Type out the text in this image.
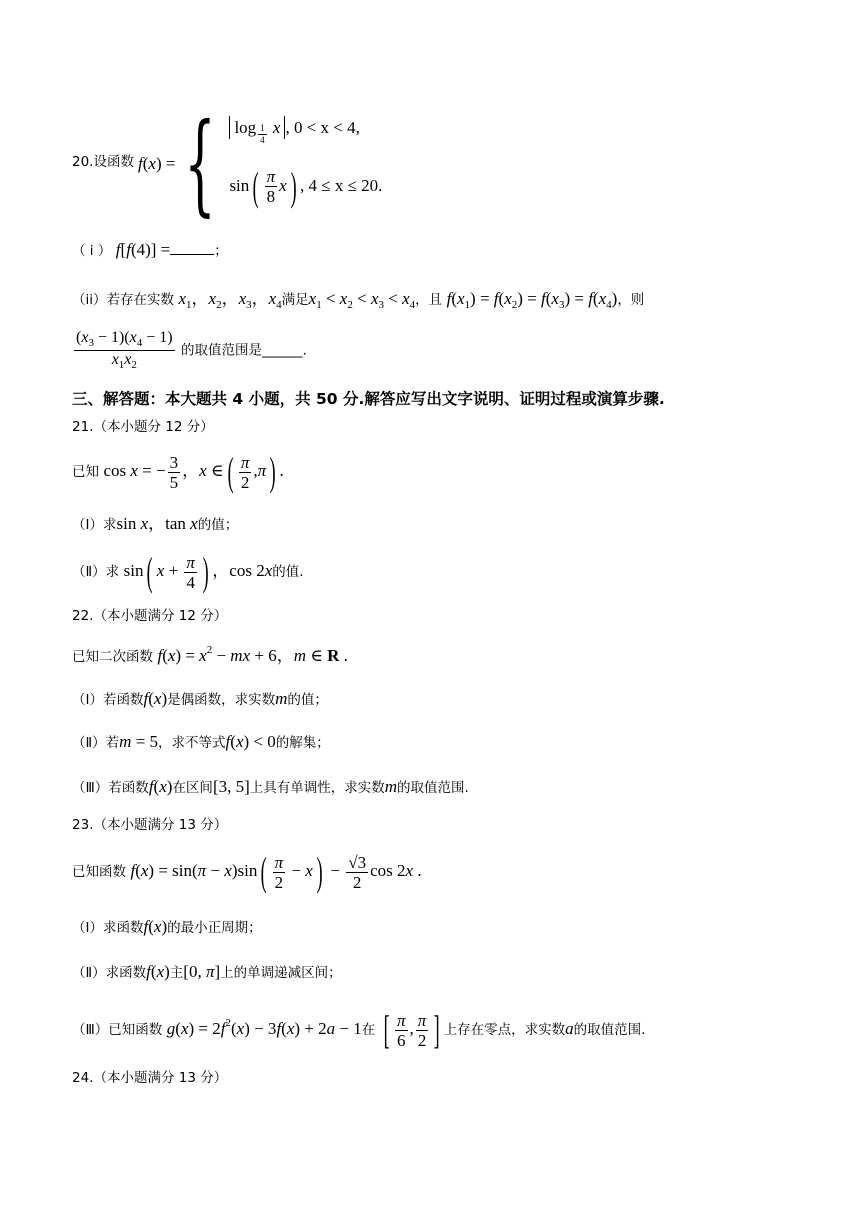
20.设函数 f(x) = { log $_{\frac{1}{4}}$ x , 0 < x < 4,
$\sin( \frac{\pi}{8} x)$ , 4 ≤ x ≤ 20.
（ i ） f[f(4)] =	；
（ii）若存在实数 $x_1$，$x_2$，$x_3$，$x_4$满足$x_1 < x_2 < x_3 < x_4$，且 $f(x_1) = f(x_2) = f(x_3) = f(x_4)$，则
$\frac{(x_3 - 1)(x_4 - 1)}{x_1x_2}$ 的取值范围是______.
三、解答题：本大题共 4 小题，共 50 分.解答应写出文字说明、证明过程或演算步骤.
21.（本小题分 12 分）
已知 cos x = − $\frac{3}{5}$ ，x ∈( $\frac{\pi}{2} ,\pi$) .
（Ⅰ）求sin x，tan x的值；
（Ⅱ）求 sin( $x + \frac{\pi}{4}$ ) ，cos 2x的值.
22.（本小题满分 12 分）
已知二次函数 $f(x) = x^2$ − mx + 6，m ∈ R .
（Ⅰ）若函数f(x)是偶函数，求实数m的值；
（Ⅱ）若m = 5，求不等式f(x) < 0的解集；
（Ⅲ）若函数f(x)在区间[3, 5]上具有单调性，求实数m的取值范围.
23.（本小题满分 13 分）
已知函数 $f(x) = \sin(\pi - x)\sin( \frac{\pi}{2} - x) - \frac{√3}{2}$ cos 2x .
（Ⅰ）求函数f(x)的最小正周期；
（Ⅱ）求函数f(x)主[0, π]上的单调递减区间；
（Ⅲ）已知函数 $g(x) = 2f^2(x) - 3f(x) + 2a - 1$在 [ $\frac{\pi}{6}$ , $\frac{\pi}{2}$ ] 上存在零点，求实数a的取值范围.
24.（本小题满分 13 分）
